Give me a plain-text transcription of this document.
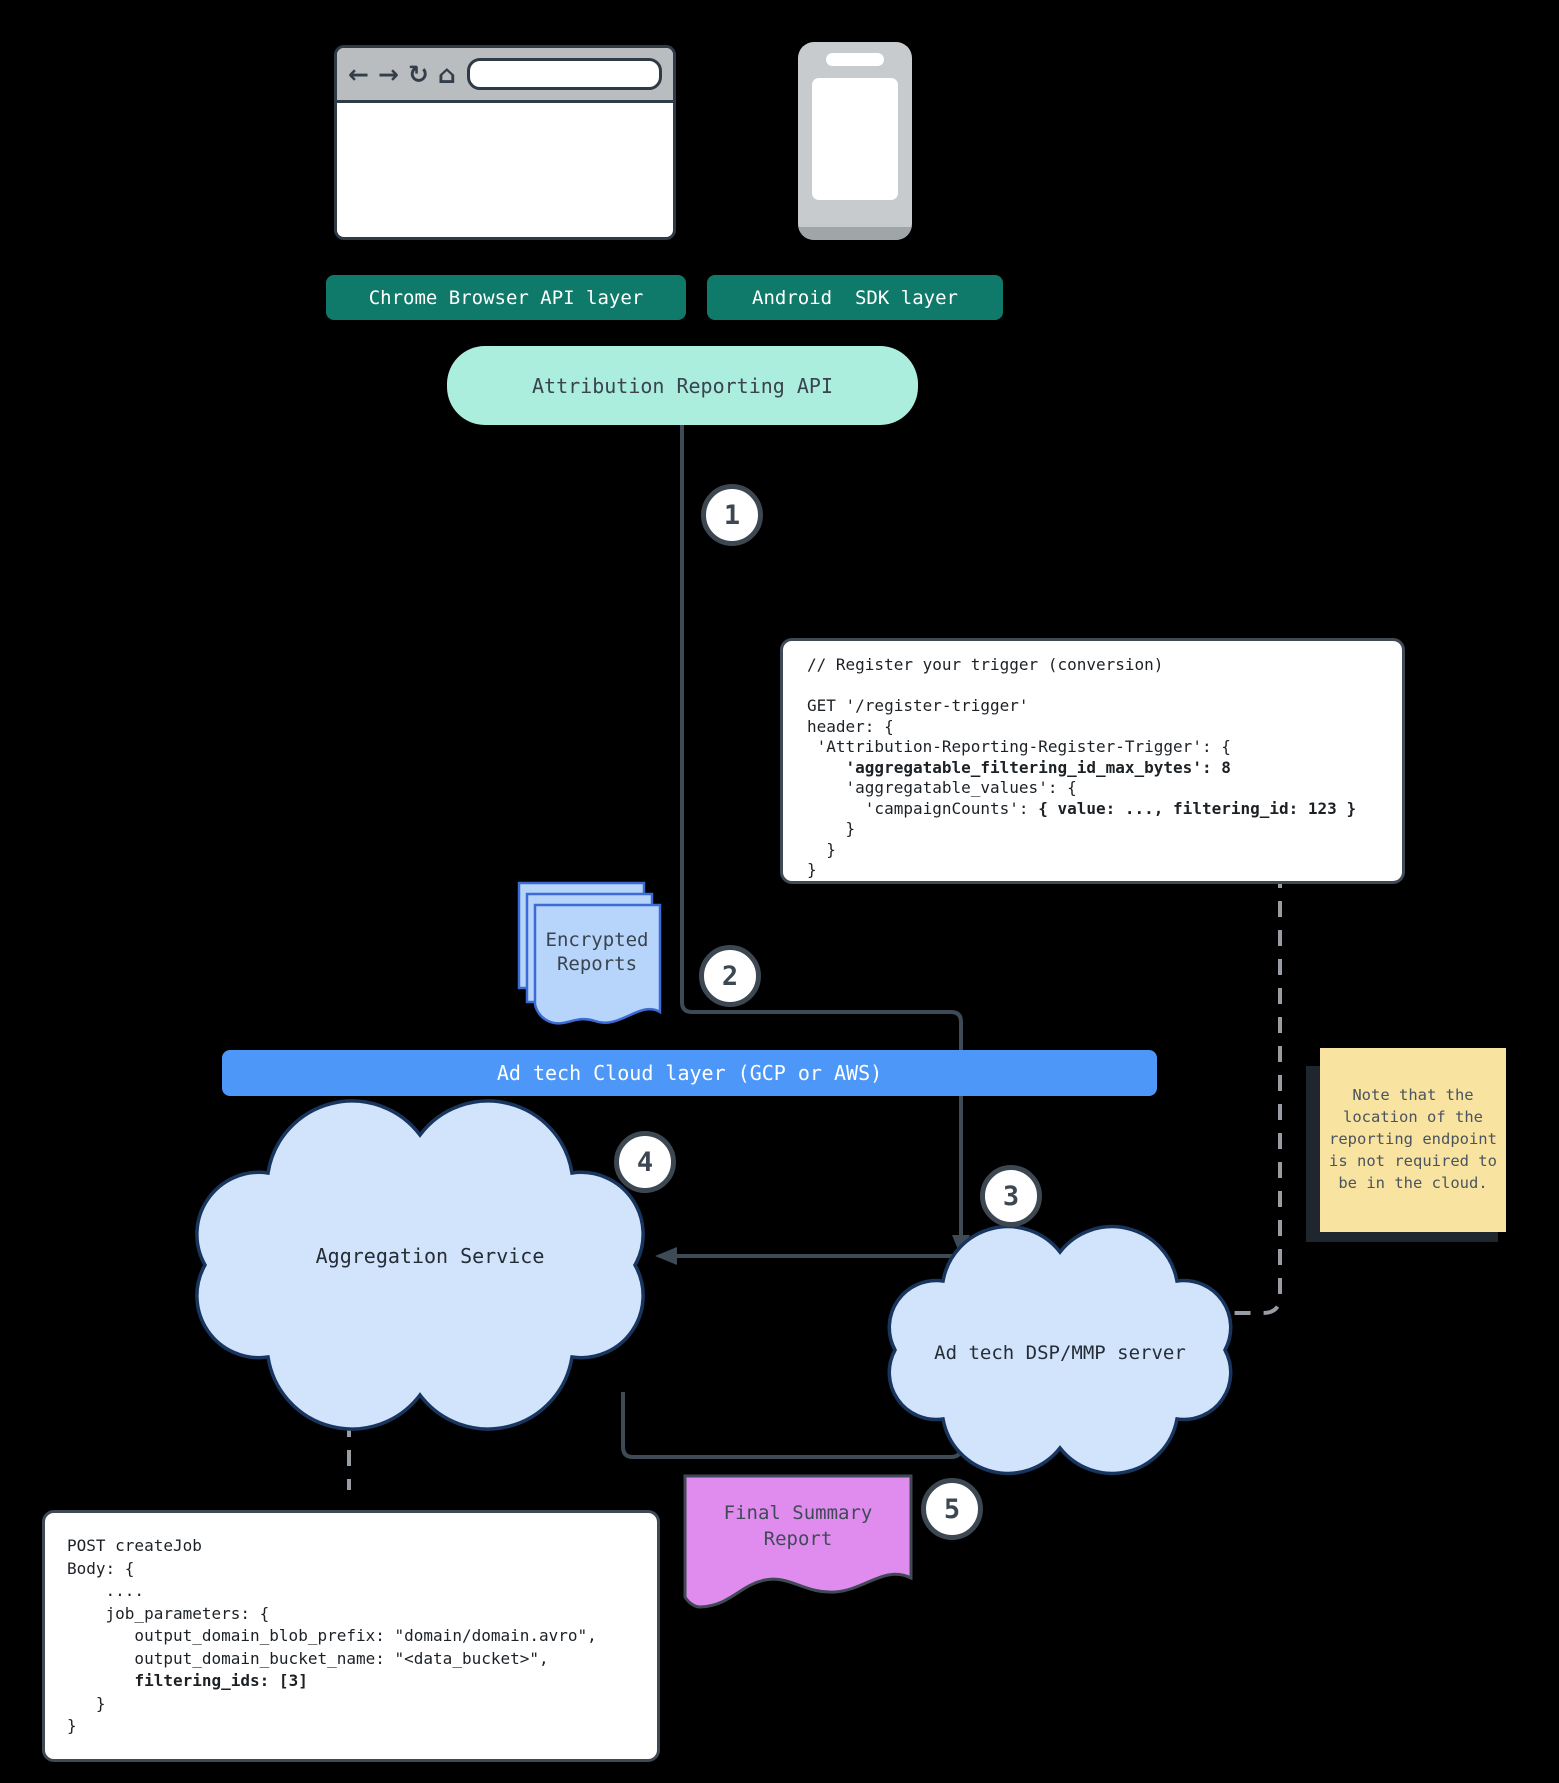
← → ↻ ⌂
Chrome Browser API layer	Android  SDK layer
Attribution Reporting API
Ad tech Cloud layer (GCP or AWS)
// Register your trigger (conversion)

GET '/register-trigger'
header: {
'Attribution-Reporting-Register-Trigger': {
'aggregatable_filtering_id_max_bytes': 8
'aggregatable_values': {
'campaignCounts': { value: ..., filtering_id: 123 }
}
}
}
POST createJob
Body: {
....
job_parameters: {
output_domain_blob_prefix: "domain/domain.avro",
output_domain_bucket_name: "<data_bucket>",
filtering_ids: [3]
}
}
1
2
3
4
5
Encrypted
Reports
Final Summary
Report
Aggregation Service
Ad tech DSP/MMP server
Note that the
location of the
reporting endpoint
is not required to
be in the cloud.
